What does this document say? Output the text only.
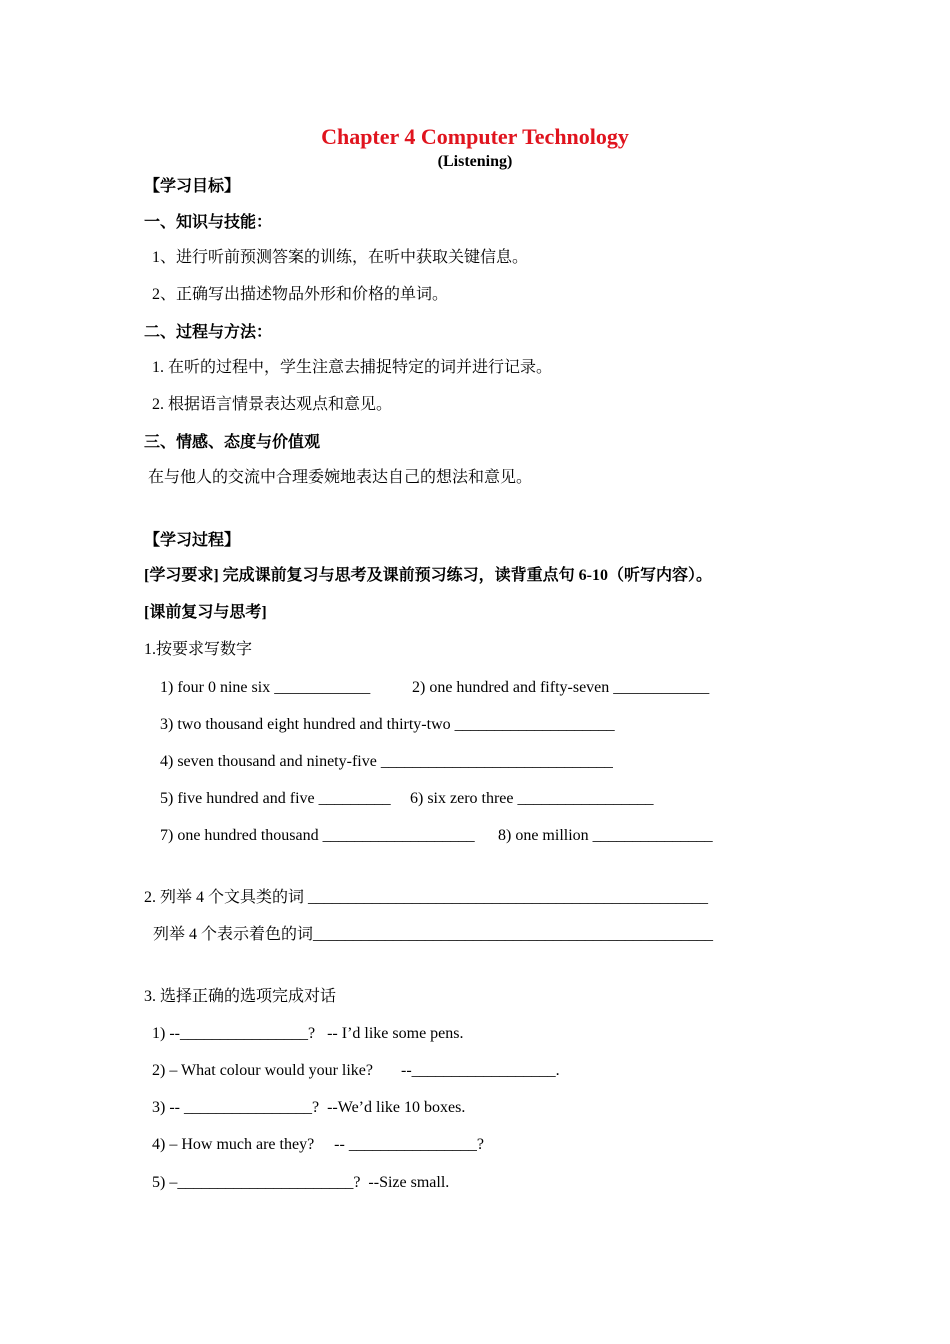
Chapter 4 Computer Technology
(Listening)
【学习目标】
一、知识与技能：
1、进行听前预测答案的训练，在听中获取关键信息。
2、正确写出描述物品外形和价格的单词。
二、过程与方法：
1. 在听的过程中，学生注意去捕捉特定的词并进行记录。
2. 根据语言情景表达观点和意见。
三、情感、态度与价值观
在与他人的交流中合理委婉地表达自己的想法和意见。
【学习过程】
[学习要求] 完成课前复习与思考及课前预习练习，读背重点句 6-10（听写内容）。
[课前复习与思考]
1.按要求写数字
1) four 0 nine six ____________	2) one hundred and fifty-seven ____________
3) two thousand eight hundred and thirty-two ____________________
4) seven thousand and ninety-five _____________________________
5) five hundred and five _________ 6) six zero three _________________
7) one hundred thousand ___________________ 8) one million _______________
2. 列举 4 个文具类的词 __________________________________________________
列举 4 个表示着色的词__________________________________________________
3. 选择正确的选项完成对话
1) --________________?   -- I’d like some pens.
2) – What colour would your like?       --__________________.
3) -- ________________?  --We’d like 10 boxes.
4) – How much are they?     -- ________________?
5) –______________________?  --Size small.
